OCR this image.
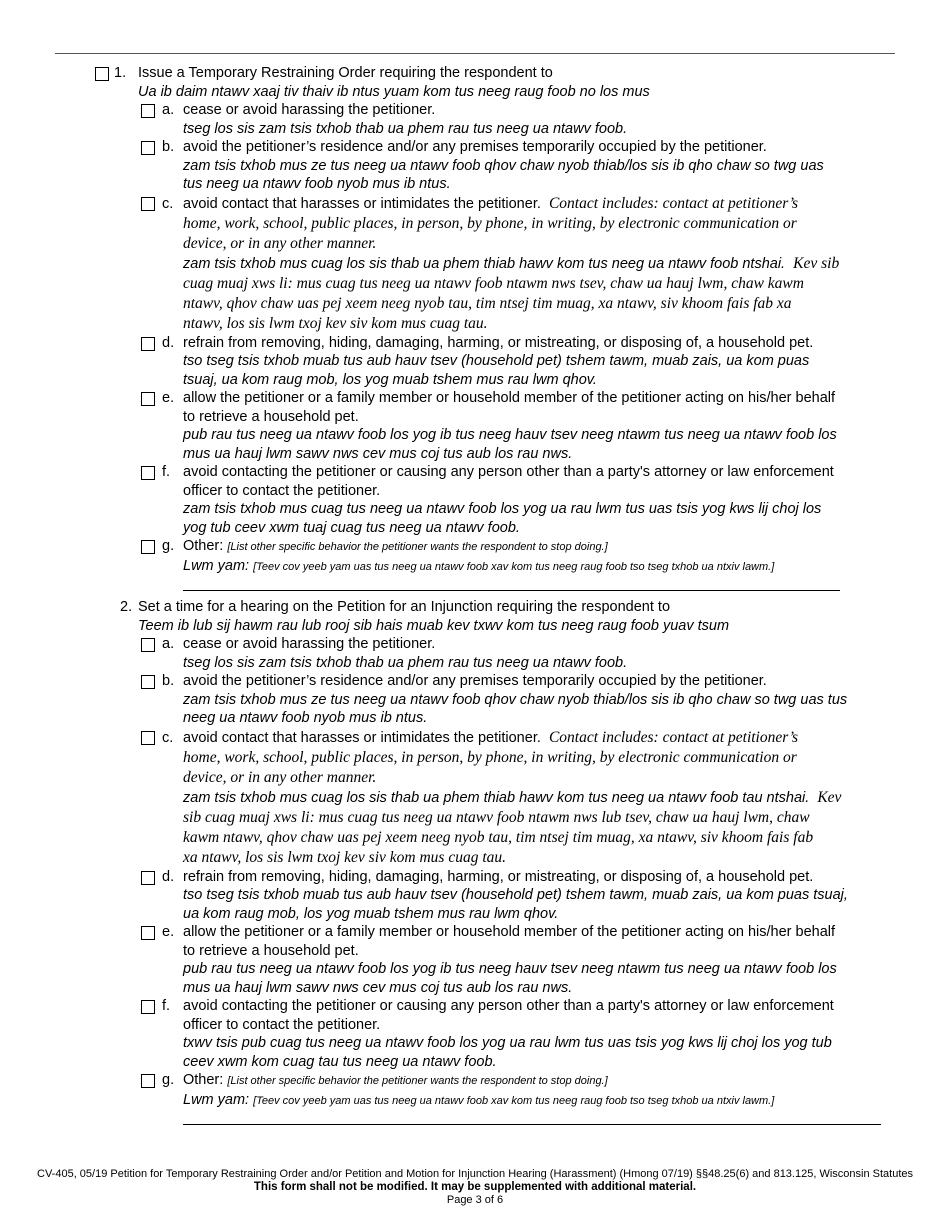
1. Issue a Temporary Restraining Order requiring the respondent to
Ua ib daim ntawv xaaj tiv thaiv ib ntus yuam kom tus neeg raug foob no los mus
a. cease or avoid harassing the petitioner.
tseg los sis zam tsis txhob thab ua phem rau tus neeg ua ntawv foob.
b. avoid the petitioner’s residence and/or any premises temporarily occupied by the petitioner.
zam tsis txhob mus ze tus neeg ua ntawv foob qhov chaw nyob thiab/los sis ib qho chaw so twg uas
tus neeg ua ntawv foob nyob mus ib ntus.
c. avoid contact that harasses or intimidates the petitioner. Contact includes: contact at petitioner’s
home, work, school, public places, in person, by phone, in writing, by electronic communication or
device, or in any other manner.
zam tsis txhob mus cuag los sis thab ua phem thiab hawv kom tus neeg ua ntawv foob ntshai. Kev sib
cuag muaj xws li: mus cuag tus neeg ua ntawv foob ntawm nws tsev, chaw ua hauj lwm, chaw kawm
ntawv, qhov chaw uas pej xeem neeg nyob tau, tim ntsej tim muag, xa ntawv, siv khoom fais fab xa
ntawv, los sis lwm txoj kev siv kom mus cuag tau.
d. refrain from removing, hiding, damaging, harming, or mistreating, or disposing of, a household pet.
tso tseg tsis txhob muab tus aub hauv tsev (household pet) tshem tawm, muab zais, ua kom puas
tsuaj, ua kom raug mob, los yog muab tshem mus rau lwm qhov.
e. allow the petitioner or a family member or household member of the petitioner acting on his/her behalf
to retrieve a household pet.
pub rau tus neeg ua ntawv foob los yog ib tus neeg hauv tsev neeg ntawm tus neeg ua ntawv foob los
mus ua hauj lwm sawv nws cev mus coj tus aub los rau nws.
f. avoid contacting the petitioner or causing any person other than a party's attorney or law enforcement
officer to contact the petitioner.
zam tsis txhob mus cuag tus neeg ua ntawv foob los yog ua rau lwm tus uas tsis yog kws lij choj los
yog tub ceev xwm tuaj cuag tus neeg ua ntawv foob.
g. Other: [List other specific behavior the petitioner wants the respondent to stop doing.]
Lwm yam: [Teev cov yeeb yam uas tus neeg ua ntawv foob xav kom tus neeg raug foob tso tseg txhob ua ntxiv lawm.]
2. Set a time for a hearing on the Petition for an Injunction requiring the respondent to
Teem ib lub sij hawm rau lub rooj sib hais muab kev txwv kom tus neeg raug foob yuav tsum
a. cease or avoid harassing the petitioner.
tseg los sis zam tsis txhob thab ua phem rau tus neeg ua ntawv foob.
b. avoid the petitioner’s residence and/or any premises temporarily occupied by the petitioner.
zam tsis txhob mus ze tus neeg ua ntawv foob qhov chaw nyob thiab/los sis ib qho chaw so twg uas tus
neeg ua ntawv foob nyob mus ib ntus.
c. avoid contact that harasses or intimidates the petitioner. Contact includes: contact at petitioner’s
home, work, school, public places, in person, by phone, in writing, by electronic communication or
device, or in any other manner.
zam tsis txhob mus cuag los sis thab ua phem thiab hawv kom tus neeg ua ntawv foob tau ntshai. Kev
sib cuag muaj xws li: mus cuag tus neeg ua ntawv foob ntawm nws lub tsev, chaw ua hauj lwm, chaw
kawm ntawv, qhov chaw uas pej xeem neeg nyob tau, tim ntsej tim muag, xa ntawv, siv khoom fais fab
xa ntawv, los sis lwm txoj kev siv kom mus cuag tau.
d. refrain from removing, hiding, damaging, harming, or mistreating, or disposing of, a household pet.
tso tseg tsis txhob muab tus aub hauv tsev (household pet) tshem tawm, muab zais, ua kom puas tsuaj,
ua kom raug mob, los yog muab tshem mus rau lwm qhov.
e. allow the petitioner or a family member or household member of the petitioner acting on his/her behalf
to retrieve a household pet.
pub rau tus neeg ua ntawv foob los yog ib tus neeg hauv tsev neeg ntawm tus neeg ua ntawv foob los
mus ua hauj lwm sawv nws cev mus coj tus aub los rau nws.
f. avoid contacting the petitioner or causing any person other than a party's attorney or law enforcement
officer to contact the petitioner.
txwv tsis pub cuag tus neeg ua ntawv foob los yog ua rau lwm tus uas tsis yog kws lij choj los yog tub
ceev xwm kom cuag tau tus neeg ua ntawv foob.
g. Other: [List other specific behavior the petitioner wants the respondent to stop doing.]
Lwm yam: [Teev cov yeeb yam uas tus neeg ua ntawv foob xav kom tus neeg raug foob tso tseg txhob ua ntxiv lawm.]
CV-405, 05/19 Petition for Temporary Restraining Order and/or Petition and Motion for Injunction Hearing (Harassment) (Hmong 07/19) §§48.25(6) and 813.125, Wisconsin Statutes
This form shall not be modified. It may be supplemented with additional material.
Page 3 of 6
